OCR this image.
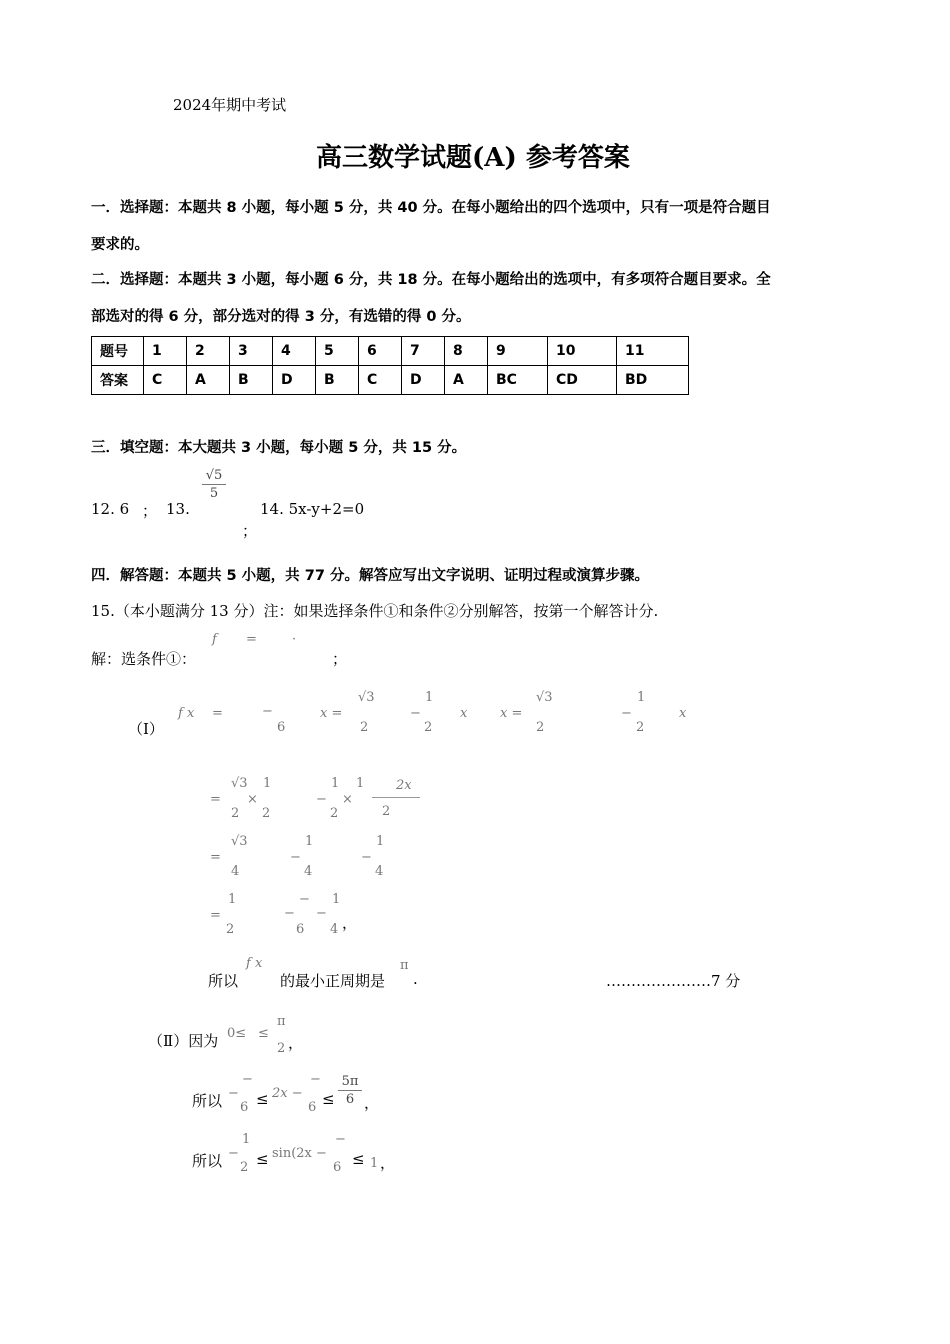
2024年期中考试
高三数学试题(A) 参考答案
一．选择题：本题共 8 小题，每小题 5 分，共 40 分。在每小题给出的四个选项中，只有一项是符合题目
要求的。
二．选择题：本题共 3 小题，每小题 6 分，共 18 分。在每小题给出的选项中，有多项符合题目要求。全
部选对的得 6 分，部分选对的得 3 分，有选错的得 0 分。
题号	1	2	3	4	5	6	7	8	9	10	11
答案	C	A	B	D	B	C	D	A	BC	CD	BD
三．填空题：本大题共 3 小题，每小题 5 分，共 15 分。
12. 6 ； 13.
√5
5
；
14. 5x-y+2=0
四．解答题：本题共 5 小题，共 77 分。解答应写出文字说明、证明过程或演算步骤。
15.（本小题满分 13 分）注：如果选择条件①和条件②分别解答，按第一个解答计分.
解：选条件①：
f =	·
；
（Ⅰ）
f x =	−
6
x =
√3
2
−
1
2
x	x =
√3
2
−
1
2
x
=
√3
2
×
1
2
−
1
2
×
1 2x
2
=
√3
4
−
1
4
−
1
4
=
1
2
−
−
6
−
1
4 ，
所以
f x
的最小正周期是
π
.	…………………7 分
（Ⅱ）因为 0≤ ≤
π
2 ，
所以 −
−
6 ≤ 2x −
−
6 ≤
5π
6 ，
所以 −
1
2 ≤ sin(2x −
−
6 ≤ 1 ，
